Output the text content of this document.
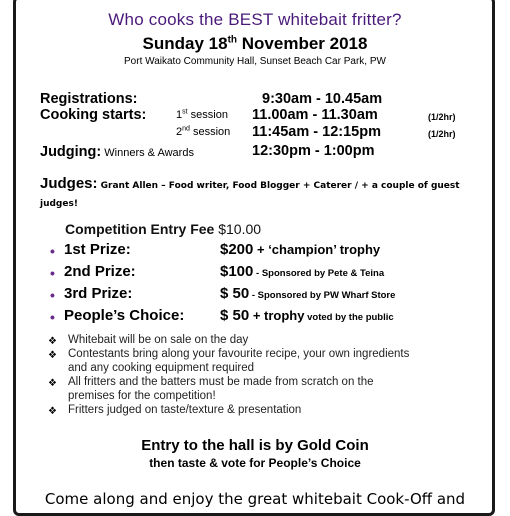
Who cooks the BEST whitebait fritter?
Sunday 18th November 2018
Port Waikato Community Hall, Sunset Beach Car Park, PW
Registrations:	9:30am - 10.45am
Cooking starts:	1st session 11.00am - 11.30am	(1/2hr)
2nd session 11:45am - 12:15pm	(1/2hr)
Judging: Winners & Awards	12:30pm - 1:00pm
Judges: Grant Allen – Food writer, Food Blogger + Caterer / + a couple of guest judges!
Competition Entry Fee $10.00
• 1st Prize:	$200 + ‘champion’ trophy
• 2nd Prize:	$100 - Sponsored by Pete & Teina
• 3rd Prize:	$ 50 - Sponsored by PW Wharf Store
• People’s Choice: $ 50 + trophy voted by the public
❖ Whitebait will be on sale on the day
❖ Contestants bring along your favourite recipe, your own ingredients
and any cooking equipment required
❖ All fritters and the batters must be made from scratch on the
premises for the competition!
❖ Fritters judged on taste/texture & presentation
Entry to the hall is by Gold Coin
then taste & vote for People’s Choice
Come along and enjoy the great whitebait Cook-Off and
